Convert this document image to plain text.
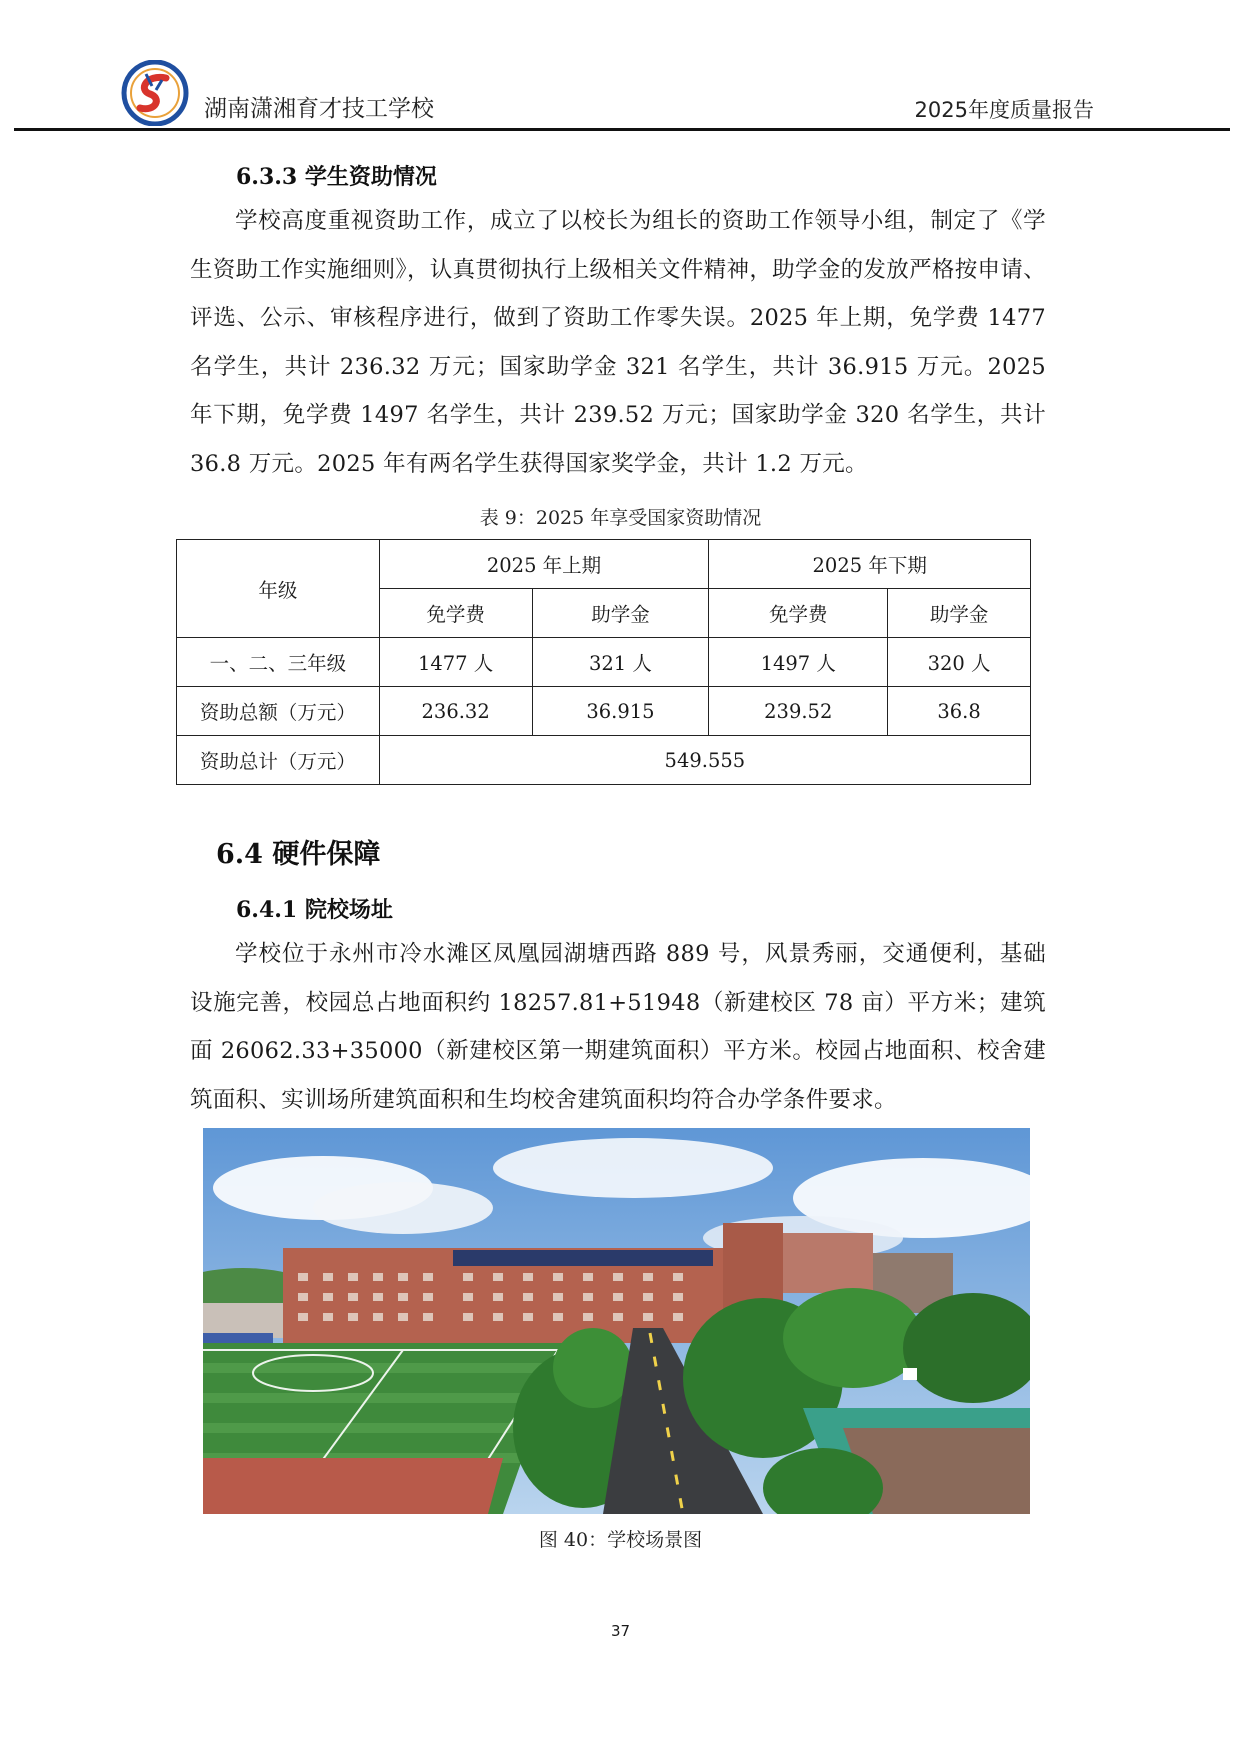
湖南潇湘育才技工学校	2025年度质量报告
6.3.3 学生资助情况

学校高度重视资助工作，成立了以校长为组长的资助工作领导小组，制定了《学生资助工作实施细则》，认真贯彻执行上级相关文件精神，助学金的发放严格按申请、评选、公示、审核程序进行，做到了资助工作零失误。2025 年上期，免学费 1477 名学生，共计 236.32 万元；国家助学金 321 名学生，共计 36.915 万元。2025 年下期，免学费 1497 名学生，共计 239.52 万元；国家助学金 320 名学生，共计 36.8 万元。2025 年有两名学生获得国家奖学金，共计 1.2 万元。

表 9：2025 年享受国家资助情况
年级	2025 年上期		2025 年下期	
	免学费	助学金	免学费	助学金
一、二、三年级	1477 人	321 人	1497 人	320 人
资助总额（万元）	236.32	36.915	239.52	36.8
资助总计（万元）	549.555			
6.4 硬件保障
6.4.1 院校场址

学校位于永州市冷水滩区凤凰园湖塘西路 889 号，风景秀丽，交通便利，基础设施完善，校园总占地面积约 18257.81+51948（新建校区 78 亩）平方米；建筑面 26062.33+35000（新建校区第一期建筑面积）平方米。校园占地面积、校舍建筑面积、实训场所建筑面积和生均校舍建筑面积均符合办学条件要求。

图 40：学校场景图
37
